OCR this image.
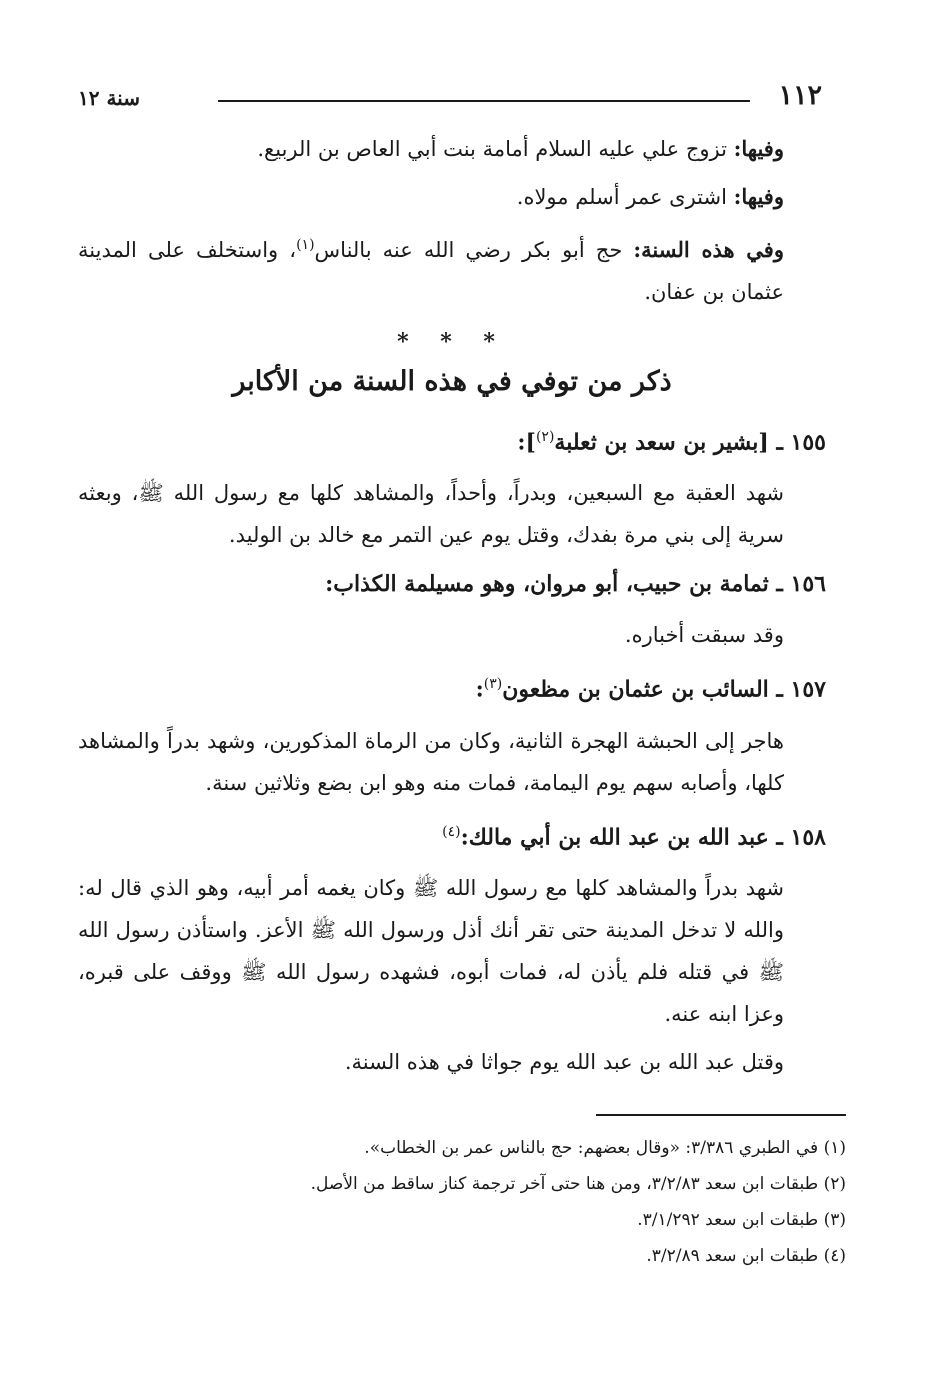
سنة ١٢	١١٢

وفيها: تزوج علي عليه السلام أمامة بنت أبي العاص بن الربيع.

وفيها: اشترى عمر أسلم مولاه.

وفي هذه السنة: حج أبو بكر رضي الله عنه بالناس$^{(١)}$، واستخلف على المدينة عثمان بن عفان.

* * *
ذكر من توفي في هذه السنة من الأكابر
١٥٥ ـ [بشير بن سعد بن ثعلبة$^{(٢)}$]:

شهد العقبة مع السبعين، وبدراً، وأحداً، والمشاهد كلها مع رسول الله ﷺ، وبعثه سرية إلى بني مرة بفدك، وقتل يوم عين التمر مع خالد بن الوليد.

١٥٦ ـ ثمامة بن حبيب، أبو مروان، وهو مسيلمة الكذاب:

وقد سبقت أخباره.

١٥٧ ـ السائب بن عثمان بن مظعون$^{(٣)}$:

هاجر إلى الحبشة الهجرة الثانية، وكان من الرماة المذكورين، وشهد بدراً والمشاهد كلها، وأصابه سهم يوم اليمامة، فمات منه وهو ابن بضع وثلاثين سنة.

١٥٨ ـ عبد الله بن عبد الله بن أبي مالك:$^{(٤)}$

شهد بدراً والمشاهد كلها مع رسول الله ﷺ وكان يغمه أمر أبيه، وهو الذي قال له: والله لا تدخل المدينة حتى تقر أنك أذل ورسول الله ﷺ الأعز. واستأذن رسول الله ﷺ في قتله فلم يأذن له، فمات أبوه، فشهده رسول الله ﷺ ووقف على قبره، وعزا ابنه عنه.

وقتل عبد الله بن عبد الله يوم جواثا في هذه السنة.

(١) في الطبري ٣/٣٨٦: «وقال بعضهم: حج بالناس عمر بن الخطاب».

(٢) طبقات ابن سعد ٣/٢/٨٣، ومن هنا حتى آخر ترجمة كناز ساقط من الأصل.

(٣) طبقات ابن سعد ٣/١/٢٩٢.

(٤) طبقات ابن سعد ٣/٢/٨٩.
